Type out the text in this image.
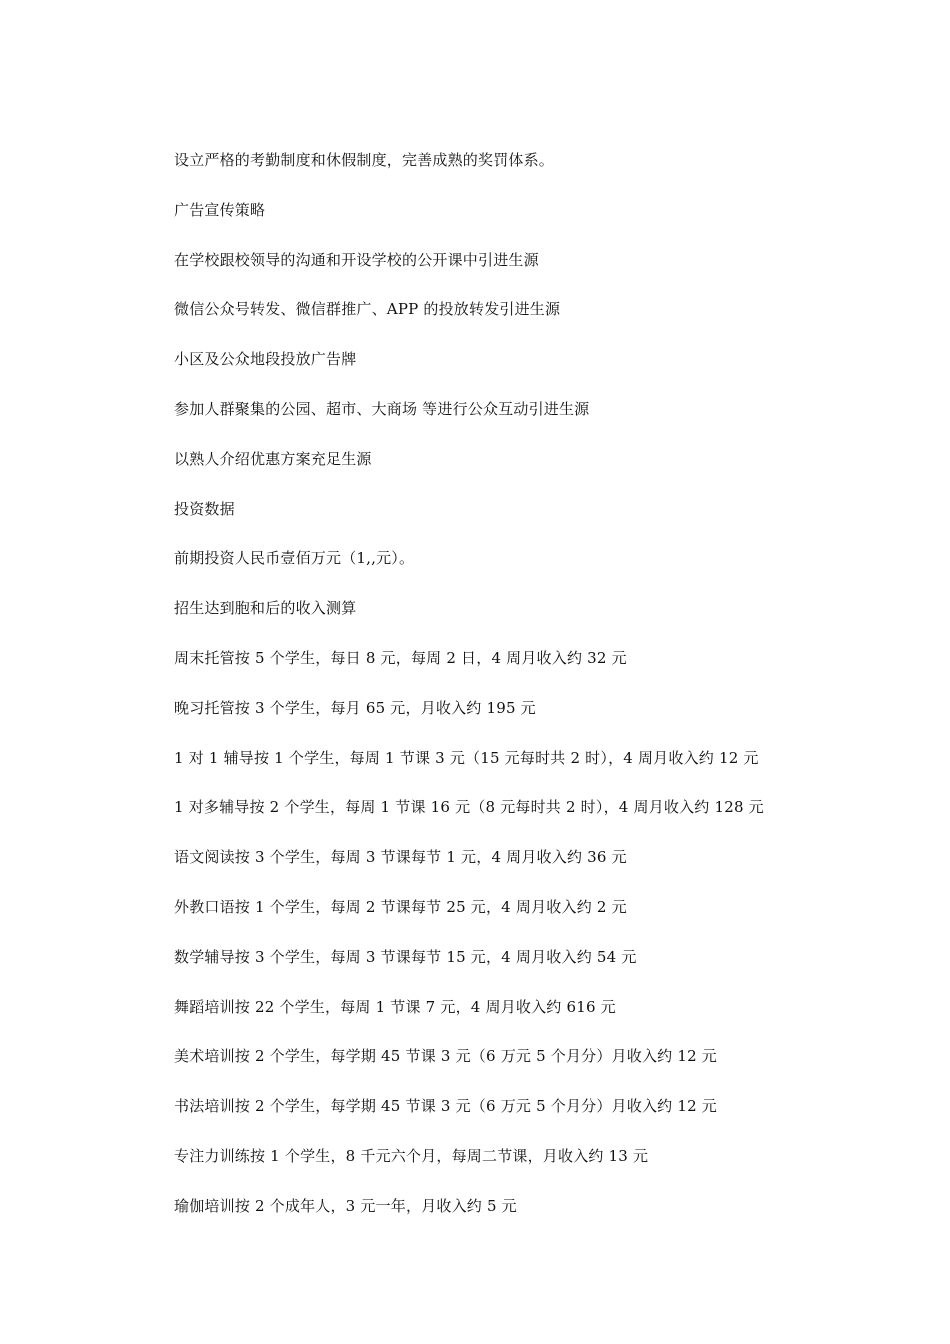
设立严格的考勤制度和休假制度，完善成熟的奖罚体系。
广告宣传策略
在学校跟校领导的沟通和开设学校的公开课中引进生源
微信公众号转发、微信群推广、APP 的投放转发引进生源
小区及公众地段投放广告牌
参加人群聚集的公园、超市、大商场 等进行公众互动引进生源
以熟人介绍优惠方案充足生源
投资数据
前期投资人民币壹佰万元（1,,元）。
招生达到胞和后的收入测算
周末托管按 5 个学生，每日 8 元，每周 2 日，4 周月收入约 32 元
晚习托管按 3 个学生，每月 65 元，月收入约 195 元
1 对 1 辅导按 1 个学生，每周 1 节课 3 元（15 元每时共 2 时），4 周月收入约 12 元
1 对多辅导按 2 个学生，每周 1 节课 16 元（8 元每时共 2 时），4 周月收入约 128 元
语文阅读按 3 个学生，每周 3 节课每节 1 元，4 周月收入约 36 元
外教口语按 1 个学生，每周 2 节课每节 25 元，4 周月收入约 2 元
数学辅导按 3 个学生，每周 3 节课每节 15 元，4 周月收入约 54 元
舞蹈培训按 22 个学生，每周 1 节课 7 元，4 周月收入约 616 元
美术培训按 2 个学生，每学期 45 节课 3 元（6 万元 5 个月分）月收入约 12 元
书法培训按 2 个学生，每学期 45 节课 3 元（6 万元 5 个月分）月收入约 12 元
专注力训练按 1 个学生，8 千元六个月，每周二节课，月收入约 13 元
瑜伽培训按 2 个成年人，3 元一年，月收入约 5 元
